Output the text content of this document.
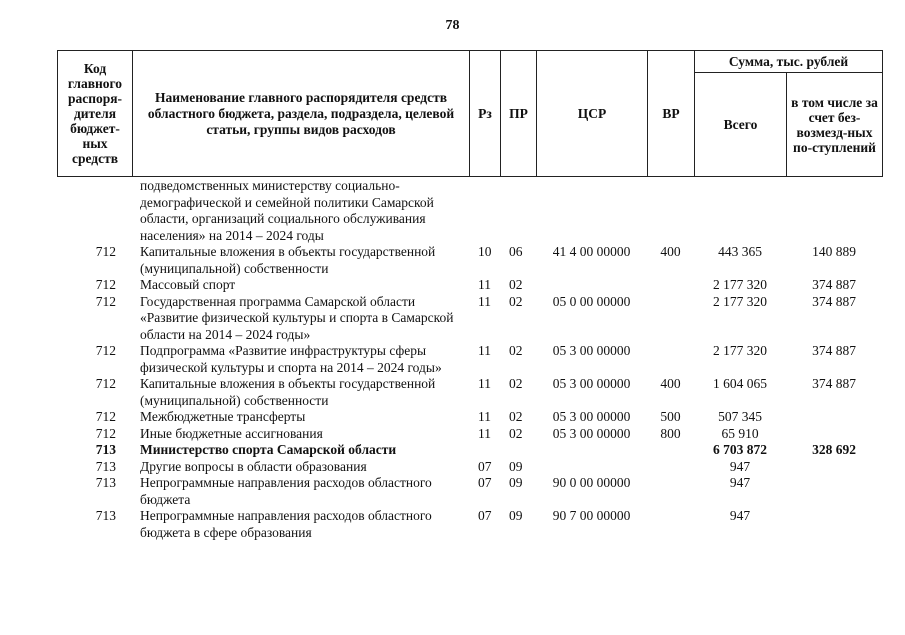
78
Код главного распоря-дителя бюджет-ных средств	Наименование главного распорядителя средств областного бюджета, раздела, подраздела, целевой статьи, группы видов расходов	Рз	ПР	ЦСР	ВР	Сумма, тыс. рублей	
						Всего	в том числе за счет без-возмезд-ных по-ступлений
	подведомственных министерству социально-демографической и семейной политики Самарской области, организаций социального обслуживания населения» на 2014 – 2024 годы						
712	Капитальные вложения в объекты государственной (муниципальной) собственности	10	06	41 4 00 00000	400	443 365	140 889
712	Массовый спорт	11	02			2 177 320	374 887
712	Государственная программа Самарской области «Развитие физической культуры и спорта в Самарской области на 2014 – 2024 годы»	11	02	05 0 00 00000		2 177 320	374 887
712	Подпрограмма «Развитие инфраструктуры сферы физической культуры и спорта на 2014 – 2024 годы»	11	02	05 3 00 00000		2 177 320	374 887
712	Капитальные вложения в объекты государственной (муниципальной) собственности	11	02	05 3 00 00000	400	1 604 065	374 887
712	Межбюджетные трансферты	11	02	05 3 00 00000	500	507 345	
712	Иные бюджетные ассигнования	11	02	05 3 00 00000	800	65 910	
713	Министерство спорта Самарской области					6 703 872	328 692
713	Другие вопросы в области образования	07	09			947	
713	Непрограммные направления расходов областного бюджета	07	09	90 0 00 00000		947	
713	Непрограммные направления расходов областного бюджета в сфере образования	07	09	90 7 00 00000		947	
